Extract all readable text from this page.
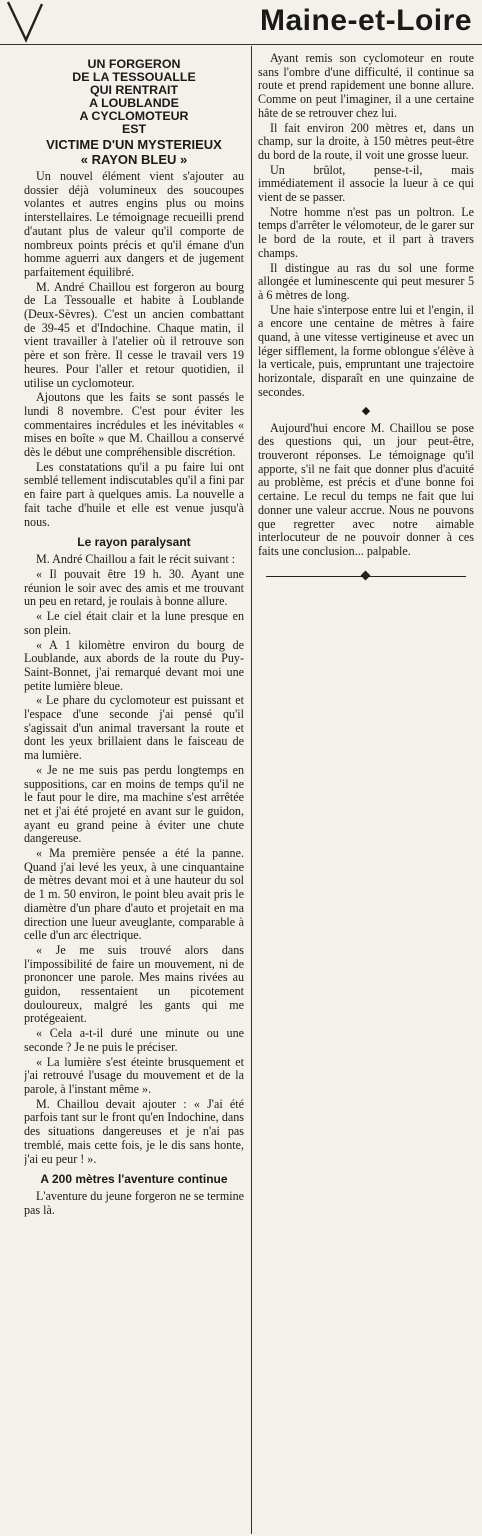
Maine-et-Loire
UN FORGERON
DE LA TESSOUALLE
QUI RENTRAIT
A LOUBLANDE
A CYCLOMOTEUR
EST
VICTIME D'UN MYSTERIEUX
« RAYON BLEU »

Un nouvel élément vient s'ajouter au dossier déjà volumineux des soucoupes volantes et autres engins plus ou moins interstellaires. Le témoignage recueilli prend d'autant plus de valeur qu'il comporte de nombreux points précis et qu'il émane d'un homme aguerri aux dangers et de jugement parfaitement équilibré.

M. André Chaillou est forgeron au bourg de La Tessoualle et habite à Loublande (Deux-Sèvres). C'est un ancien combattant de 39-45 et d'Indochine. Chaque matin, il vient travailler à l'atelier où il retrouve son père et son frère. Il cesse le travail vers 19 heures. Pour l'aller et retour quotidien, il utilise un cyclomoteur.

Ajoutons que les faits se sont passés le lundi 8 novembre. C'est pour éviter les commentaires incrédules et les inévitables « mises en boîte » que M. Chaillou a conservé dès le début une compréhensible discrétion.

Les constatations qu'il a pu faire lui ont semblé tellement indiscutables qu'il a fini par en faire part à quelques amis. La nouvelle a fait tache d'huile et elle est venue jusqu'à nous.

Le rayon paralysant

M. André Chaillou a fait le récit suivant :

« Il pouvait être 19 h. 30. Ayant une réunion le soir avec des amis et me trouvant un peu en retard, je roulais à bonne allure.

« Le ciel était clair et la lune presque en son plein.

« A 1 kilomètre environ du bourg de Loublande, aux abords de la route du Puy-Saint-Bonnet, j'ai remarqué devant moi une petite lumière bleue.

« Le phare du cyclomoteur est puissant et l'espace d'une seconde j'ai pensé qu'il s'agissait d'un animal traversant la route et dont les yeux brillaient dans le faisceau de ma lumière.

« Je ne me suis pas perdu longtemps en suppositions, car en moins de temps qu'il ne le faut pour le dire, ma machine s'est arrêtée net et j'ai été projeté en avant sur le guidon, ayant eu grand peine à éviter une chute dangereuse.

« Ma première pensée a été la panne. Quand j'ai levé les yeux, à une cinquantaine de mètres devant moi et à une hauteur du sol de 1 m. 50 environ, le point bleu avait pris le diamètre d'un phare d'auto et projetait en ma direction une lueur aveuglante, comparable à celle d'un arc électrique.

« Je me suis trouvé alors dans l'impossibilité de faire un mouvement, ni de prononcer une parole. Mes mains rivées au guidon, ressentaient un picotement douloureux, malgré les gants qui me protégeaient.

« Cela a-t-il duré une minute ou une seconde ? Je ne puis le préciser.

« La lumière s'est éteinte brusquement et j'ai retrouvé l'usage du mouvement et de la parole, à l'instant même ».

M. Chaillou devait ajouter : « J'ai été parfois tant sur le front qu'en Indochine, dans des situations dangereuses et je n'ai pas tremblé, mais cette fois, je le dis sans honte, j'ai eu peur ! ».

A 200 mètres l'aventure continue

L'aventure du jeune forgeron ne se termine pas là.

Ayant remis son cyclomoteur en route sans l'ombre d'une difficulté, il continue sa route et prend rapidement une bonne allure. Comme on peut l'imaginer, il a une certaine hâte de se retrouver chez lui.

Il fait environ 200 mètres et, dans un champ, sur la droite, à 150 mètres peut-être du bord de la route, il voit une grosse lueur.

Un brûlot, pense-t-il, mais immédiatement il associe la lueur à ce qui vient de se passer.

Notre homme n'est pas un poltron. Le temps d'arrêter le vélomoteur, de le garer sur le bord de la route, et il part à travers champs.

Il distingue au ras du sol une forme allongée et luminescente qui peut mesurer 5 à 6 mètres de long.

Une haie s'interpose entre lui et l'engin, il a encore une centaine de mètres à faire quand, à une vitesse vertigineuse et avec un léger sifflement, la forme oblongue s'élève à la verticale, puis, empruntant une trajectoire horizontale, disparaît en une quinzaine de secondes.

◆

Aujourd'hui encore M. Chaillou se pose des questions qui, un jour peut-être, trouveront réponses. Le témoignage qu'il apporte, s'il ne fait que donner plus d'acuité au problème, est précis et d'une bonne foi certaine. Le recul du temps ne fait que lui donner une valeur accrue. Nous ne pouvons que regretter avec notre aimable interlocuteur de ne pouvoir donner à ces faits une conclusion... palpable.
